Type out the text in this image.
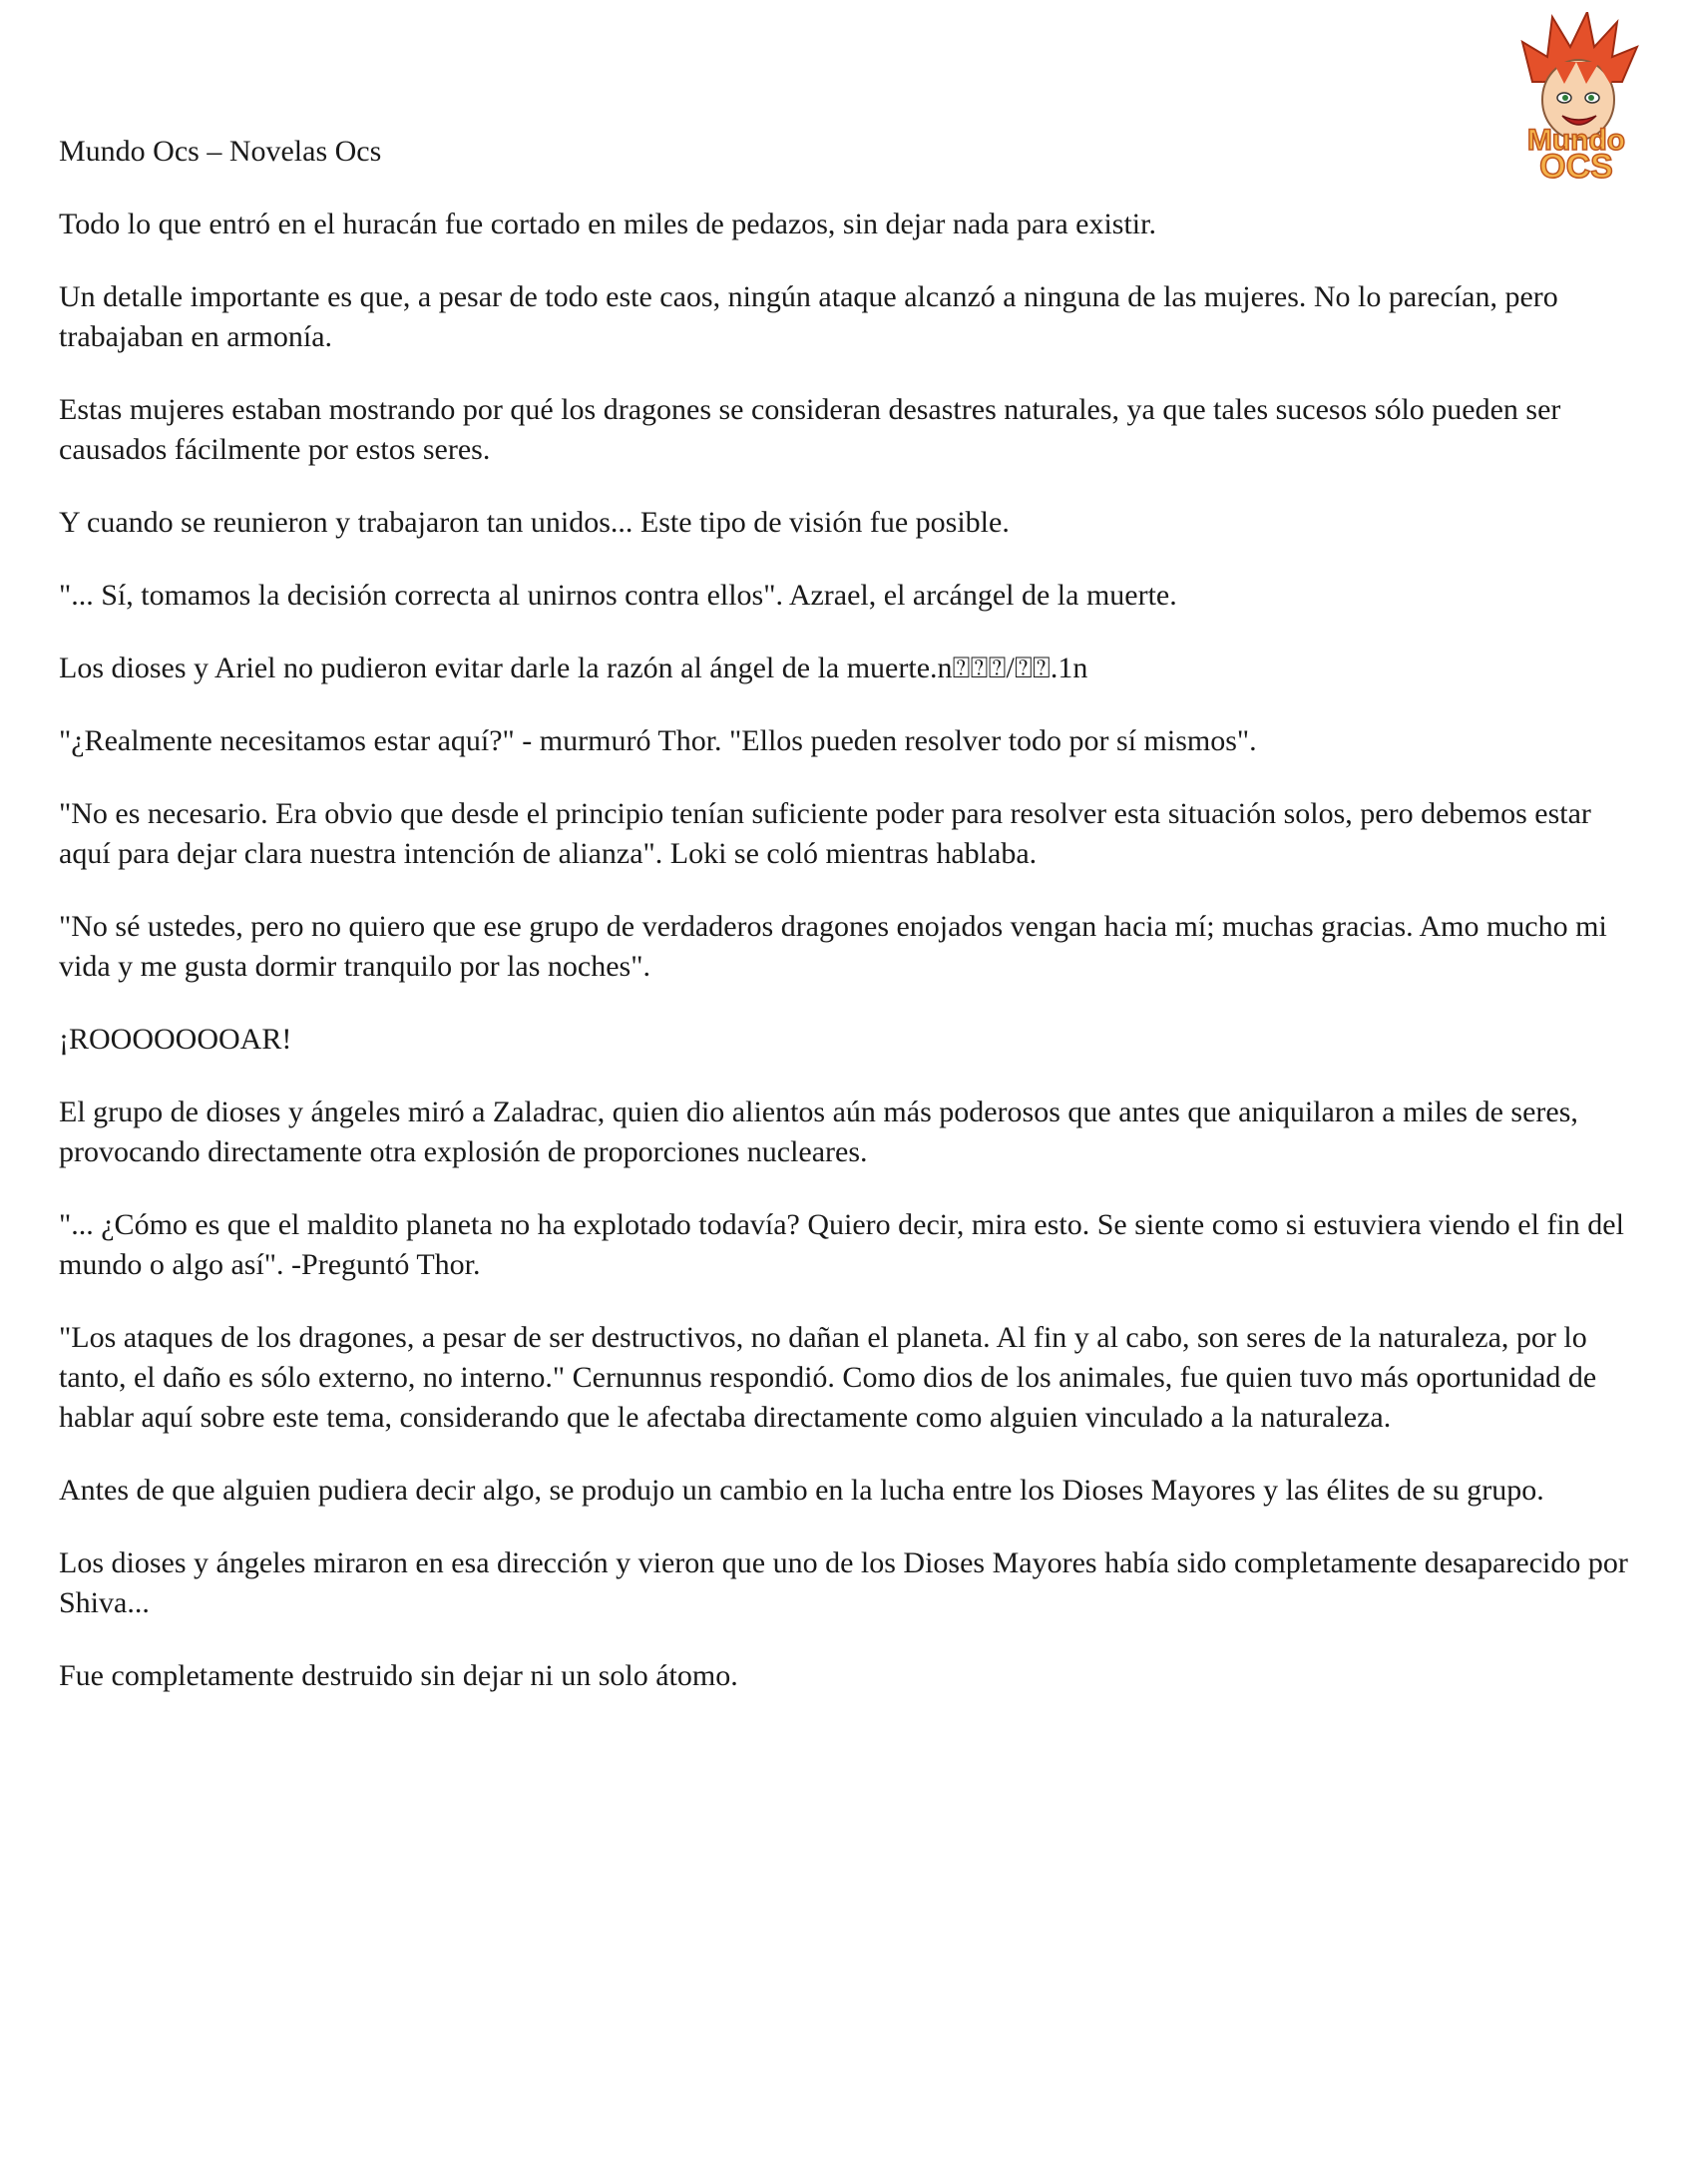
Mundo
OCS
Mundo Ocs – Novelas Ocs

Todo lo que entró en el huracán fue cortado en miles de pedazos, sin dejar nada para existir.

Un detalle importante es que, a pesar de todo este caos, ningún ataque alcanzó a ninguna de las mujeres. No lo parecían, pero trabajaban en armonía.

Estas mujeres estaban mostrando por qué los dragones se consideran desastres naturales, ya que tales sucesos sólo pueden ser causados fácilmente por estos seres.

Y cuando se reunieron y trabajaron tan unidos... Este tipo de visión fue posible.

"... Sí, tomamos la decisión correcta al unirnos contra ellos". Azrael, el arcángel de la muerte.

Los dioses y Ariel no pudieron evitar darle la razón al ángel de la muerte.n⍰⍰⍰/⍰⍰.1n

"¿Realmente necesitamos estar aquí?" - murmuró Thor. "Ellos pueden resolver todo por sí mismos".

"No es necesario. Era obvio que desde el principio tenían suficiente poder para resolver esta situación solos, pero debemos estar aquí para dejar clara nuestra intención de alianza". Loki se coló mientras hablaba.

"No sé ustedes, pero no quiero que ese grupo de verdaderos dragones enojados vengan hacia mí; muchas gracias. Amo mucho mi vida y me gusta dormir tranquilo por las noches".

¡ROOOOOOOAR!

El grupo de dioses y ángeles miró a Zaladrac, quien dio alientos aún más poderosos que antes que aniquilaron a miles de seres, provocando directamente otra explosión de proporciones nucleares.

"... ¿Cómo es que el maldito planeta no ha explotado todavía? Quiero decir, mira esto. Se siente como si estuviera viendo el fin del mundo o algo así". -Preguntó Thor.

"Los ataques de los dragones, a pesar de ser destructivos, no dañan el planeta. Al fin y al cabo, son seres de la naturaleza, por lo tanto, el daño es sólo externo, no interno." Cernunnus respondió. Como dios de los animales, fue quien tuvo más oportunidad de hablar aquí sobre este tema, considerando que le afectaba directamente como alguien vinculado a la naturaleza.

Antes de que alguien pudiera decir algo, se produjo un cambio en la lucha entre los Dioses Mayores y las élites de su grupo.

Los dioses y ángeles miraron en esa dirección y vieron que uno de los Dioses Mayores había sido completamente desaparecido por Shiva...

Fue completamente destruido sin dejar ni un solo átomo.
